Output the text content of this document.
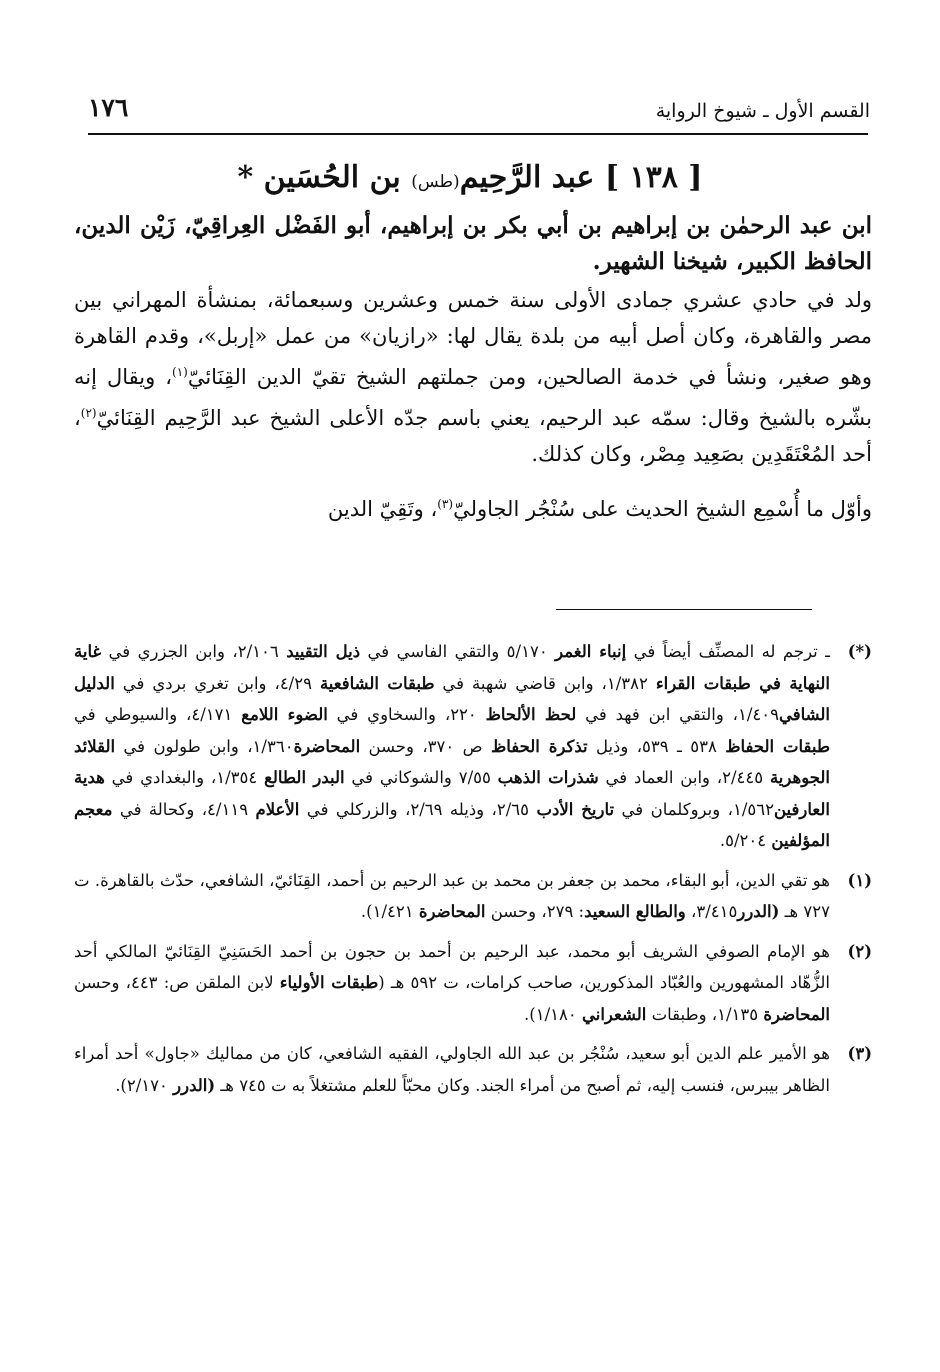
١٧٦	القسم الأول ـ شيوخ الرواية
[ ١٣٨ ] عبد الرَّحِيم(طس) بن الحُسَين *

ابن عبد الرحمٰن بن إبراهيم بن أبي بكر بن إبراهيم، أبو الفَضْل العِراقِيّ، زَيْن الدين، الحافظ الكبير، شيخنا الشهير.

ولد في حادي عشري جمادى الأولى سنة خمس وعشرين وسبعمائة، بمنشأة المهراني بين مصر والقاهرة، وكان أصل أبيه من بلدة يقال لها: «رازيان» من عمل «إربل»، وقدم القاهرة وهو صغير، ونشأ في خدمة الصالحين، ومن جملتهم الشيخ تقيّ الدين القِنَائيّ$^{(١)}$، ويقال إنه بشّره بالشيخ وقال: سمّه عبد الرحيم، يعني باسم جدّه الأعلى الشيخ عبد الرَّحِيم القِنَائيّ$^{(٢)}$، أحد المُعْتَقَدِين بصَعِيد مِصْر، وكان كذلك.

وأوّل ما أُسْمِع الشيخ الحديث على سُنْجُر الجاوليّ$^{(٣)}$، وتَقِيّ الدين

(*)
ـ ترجم له المصنِّف أيضاً في إنباء الغمر ٥/١٧٠ والتقي الفاسي في ذيل التقييد ٢/١٠٦، وابن الجزري في غاية النهاية في طبقات القراء ١/٣٨٢، وابن قاضي شهبة في طبقات الشافعية ٤/٢٩، وابن تغري بردي في الدليل الشافي١/٤٠٩، والتقي ابن فهد في لحظ الألحاظ ٢٢٠، والسخاوي في الضوء اللامع ٤/١٧١، والسيوطي في طبقات الحفاظ ٥٣٨ ـ ٥٣٩، وذيل تذكرة الحفاظ ص ٣٧٠، وحسن المحاضرة١/٣٦٠، وابن طولون في القلائد الجوهرية ٢/٤٤٥، وابن العماد في شذرات الذهب ٧/٥٥ والشوكاني في البدر الطالع ١/٣٥٤، والبغدادي في هدية العارفين١/٥٦٢، وبروكلمان في تاريخ الأدب ٢/٦٥، وذيله ٢/٦٩، والزركلي في الأعلام ٤/١١٩، وكحالة في معجم المؤلفين ٥/٢٠٤.
(١)
هو تقي الدين، أبو البقاء، محمد بن جعفر بن محمد بن عبد الرحيم بن أحمد، القِنَائيّ، الشافعي، حدّث بالقاهرة. ت ٧٢٧ هـ (الدرر٣/٤١٥، والطالع السعيد: ٢٧٩، وحسن المحاضرة ١/٤٢١).
(٢)
هو الإمام الصوفي الشريف أبو محمد، عبد الرحيم بن أحمد بن حجون بن أحمد الحَسَنِيّ القِنَائيّ المالكي أحد الزُّهّاد المشهورين والعُبّاد المذكورين، صاحب كرامات، ت ٥٩٢ هـ (طبقات الأولياء لابن الملقن ص: ٤٤٣، وحسن المحاضرة ١/١٣٥، وطبقات الشعراني ١/١٨٠).
(٣)
هو الأمير علم الدين أبو سعيد، سُنْجُر بن عبد الله الجاولي، الفقيه الشافعي، كان من مماليك «جاول» أحد أمراء الظاهر بيبرس، فنسب إليه، ثم أصبح من أمراء الجند. وكان محبّاً للعلم مشتغلاً به ت ٧٤٥ هـ (الدرر ٢/١٧٠).
